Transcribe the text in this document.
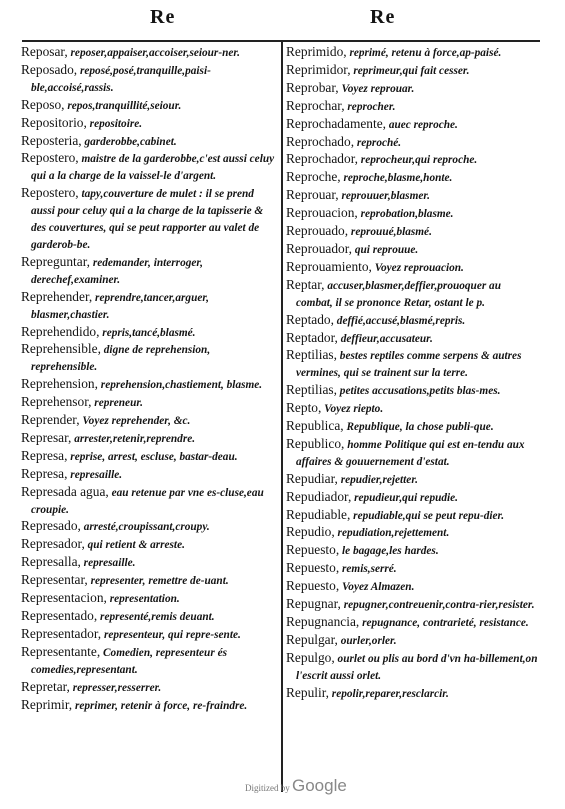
Re	Re

Reposar, reposer,appaiser,accoiser,seiour-ner.

Reposado, reposé,posé,tranquille,paisi-ble,accoisé,rassis.

Reposo, repos,tranquillité,seiour.

Repositorio, repositoire.

Reposteria, garderobbe,cabinet.

Repostero, maistre de la garderobbe,c'est aussi celuy qui a la charge de la vaissel-le d'argent.

Repostero, tapy,couverture de mulet : il se prend aussi pour celuy qui a la charge de la tapisserie & des couvertures, qui se peut rapporter au valet de garderob-be.

Repreguntar, redemander, interroger, derechef,examiner.

Reprehender, reprendre,tancer,arguer, blasmer,chastier.

Reprehendido, repris,tancé,blasmé.

Reprehensible, digne de reprehension, reprehensible.

Reprehension, reprehension,chastiement, blasme.

Reprehensor, repreneur.

Reprender, Voyez reprehender, &c.

Represar, arrester,retenir,reprendre.

Represa, reprise, arrest, escluse, bastar-deau.

Represa, represaille.

Represada agua, eau retenue par vne es-cluse,eau croupie.

Represado, arresté,croupissant,croupy.

Represador, qui retient & arreste.

Represalla, represaille.

Representar, representer, remettre de-uant.

Representacion, representation.

Representado, representé,remis deuant.

Representador, representeur, qui repre-sente.

Representante, Comedien, representeur és comedies,representant.

Repretar, represser,resserrer.

Reprimir, reprimer, retenir à force, re-fraindre.

Reprimido, reprimé, retenu à force,ap-paisé.

Reprimidor, reprimeur,qui fait cesser.

Reprobar, Voyez reprouar.

Reprochar, reprocher.

Reprochadamente, auec reproche.

Reprochado, reproché.

Reprochador, reprocheur,qui reproche.

Reproche, reproche,blasme,honte.

Reprouar, reprouuer,blasmer.

Reprouacion, reprobation,blasme.

Reprouado, reprouué,blasmé.

Reprouador, qui reprouue.

Reprouamiento, Voyez reprouacion.

Reptar, accuser,blasmer,deffier,prouoquer au combat, il se prononce Retar, ostant le p.

Reptado, deffié,accusé,blasmé,repris.

Reptador, deffieur,accusateur.

Reptilias, bestes reptiles comme serpens & autres vermines, qui se trainent sur la terre.

Reptilias, petites accusations,petits blas-mes.

Repto, Voyez riepto.

Republica, Republique, la chose publi-que.

Republico, homme Politique qui est en-tendu aux affaires & gouuernement d'estat.

Repudiar, repudier,rejetter.

Repudiador, repudieur,qui repudie.

Repudiable, repudiable,qui se peut repu-dier.

Repudio, repudiation,rejettement.

Repuesto, le bagage,les hardes.

Repuesto, remis,serré.

Repuesto, Voyez Almazen.

Repugnar, repugner,contreuenir,contra-rier,resister.

Repugnancia, repugnance, contrarieté, resistance.

Repulgar, ourler,orler.

Repulgo, ourlet ou plis au bord d'vn ha-billement,on l'escrit aussi orlet.

Repulir, repolir,reparer,resclarcir.

Digitized by Google
